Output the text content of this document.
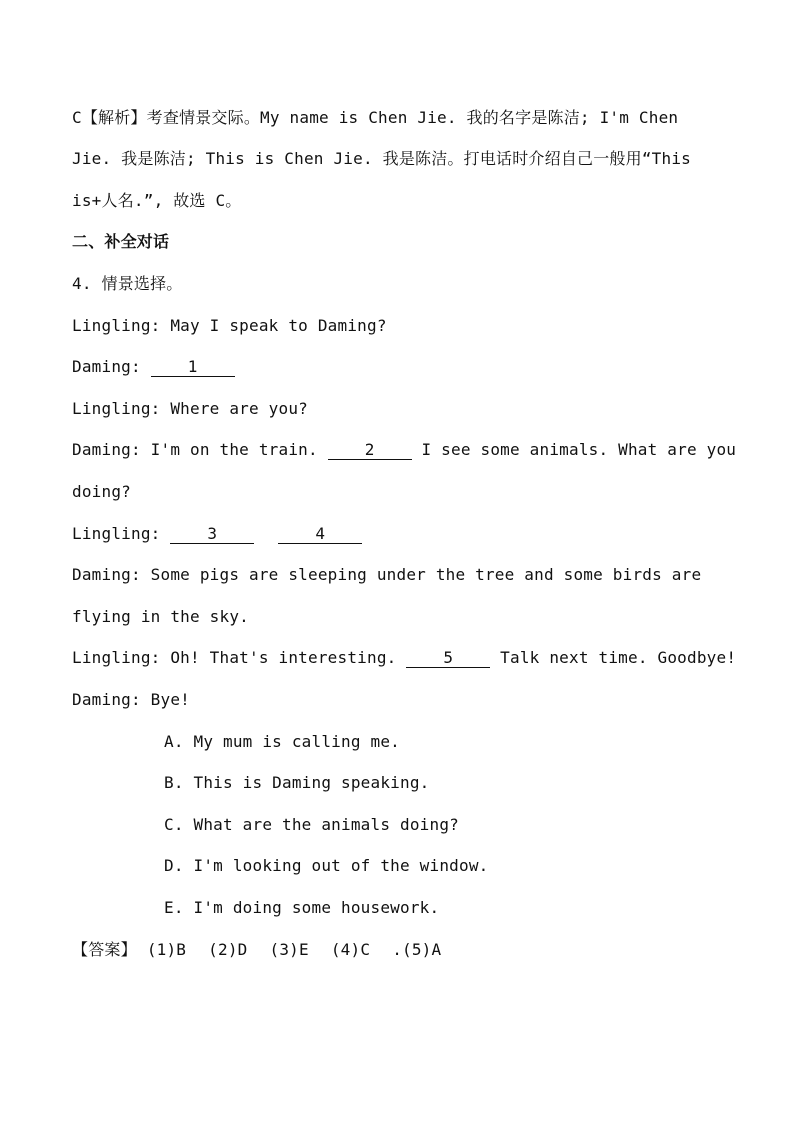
C【解析】考查情景交际。My name is Chen Jie. 我的名字是陈洁; I'm Chen
Jie. 我是陈洁; This is Chen Jie. 我是陈洁。打电话时介绍自己一般用“This
is+人名.”, 故选 C。
二、补全对话
4. 情景选择。
Lingling: May I speak to Daming?
Daming: 1
Lingling: Where are you?
Daming: I'm on the train. 2 I see some animals. What are you
doing?
Lingling: 3	4
Daming: Some pigs are sleeping under the tree and some birds are
flying in the sky.
Lingling: Oh! That's interesting. 5 Talk next time. Goodbye!
Daming: Bye!
A. My mum is calling me.
B. This is Daming speaking.
C. What are the animals doing?
D. I'm looking out of the window.
E. I'm doing some housework.
【答案】 (1)B (2)D (3)E (4)C .(5)A
